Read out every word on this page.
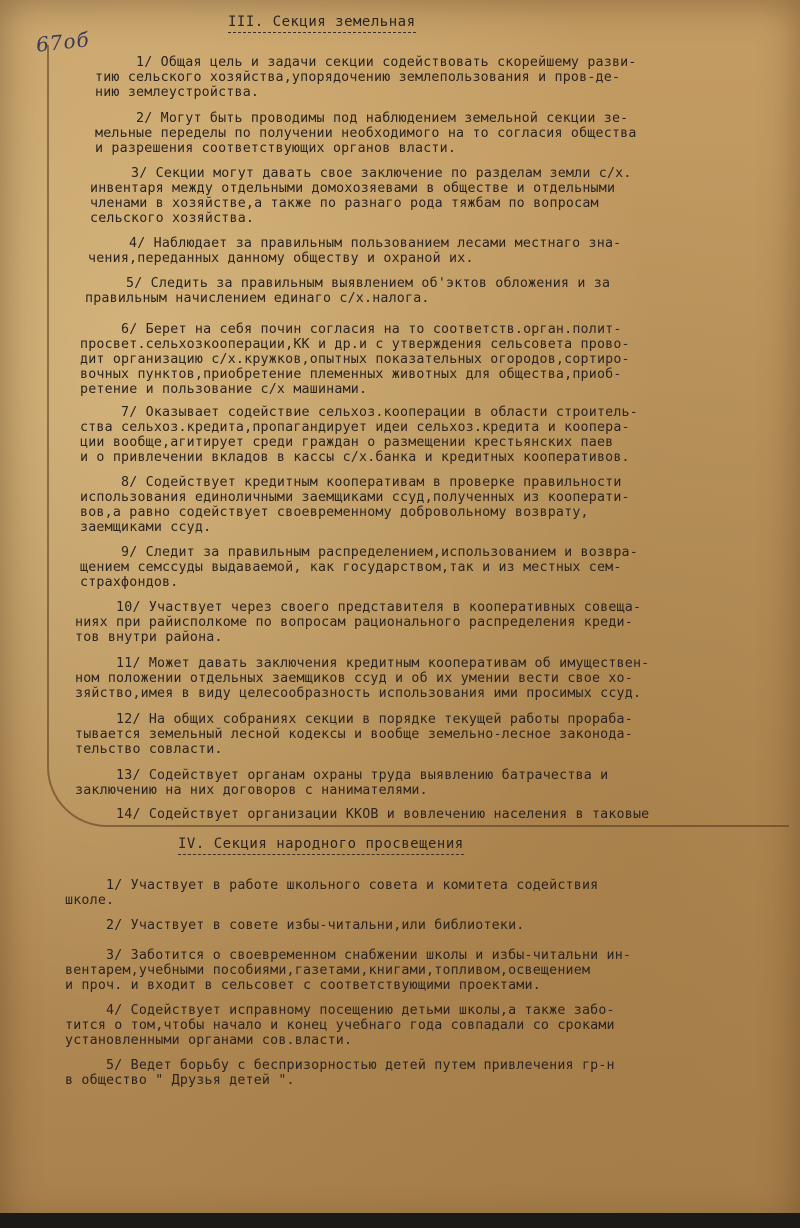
67об
III. Секция земельная
1/ Общая цель и задачи секции содействовать скорейшему разви-
тию сельского хозяйства,упорядочению землепользования и пров-де-
нию землеустройства.
2/ Могут быть проводимы под наблюдением земельной секции зе-
мельные переделы по получении необходимого на то согласия общества
и разрешения соответствующих органов власти.
3/ Секции могут давать свое заключение по разделам земли с/х.
инвентаря между отдельными домохозяевами в обществе и отдельными
членами в хозяйстве,а также по разнаго рода тяжбам по вопросам
сельского хозяйства.
4/ Наблюдает за правильным пользованием лесами местнаго зна-
чения,переданных данному обществу и охраной их.
5/ Следить за правильным выявлением об'эктов обложения и за
правильным начислением единаго с/х.налога.
6/ Берет на себя почин согласия на то соответств.орган.полит-
просвет.сельхозкооперации,КК и др.и с утверждения сельсовета прово-
дит организацию с/х.кружков,опытных показательных огородов,сортиро-
вочных пунктов,приобретение племенных животных для общества,приоб-
ретение и пользование с/х машинами.
7/ Оказывает содействие сельхоз.кооперации в области строитель-
ства сельхоз.кредита,пропагандирует идеи сельхоз.кредита и коопера-
ции вообще,агитирует среди граждан о размещении крестьянских паев
и о привлечении вкладов в кассы с/х.банка и кредитных кооперативов.
8/ Содействует кредитным кооперативам в проверке правильности
использования единоличными заемщиками ссуд,полученных из кооперати-
вов,а равно содействует своевременному добровольному возврату,
заемщиками ссуд.
9/ Следит за правильным распределением,использованием и возвра-
щением семссуды выдаваемой, как государством,так и из местных сем-
страхфондов.
10/ Участвует через своего представителя в кооперативных совеща-
ниях при райисполкоме по вопросам рационального распределения креди-
тов внутри района.
11/ Может давать заключения кредитным кооперативам об имуществен-
ном положении отдельных заемщиков ссуд и об их умении вести свое хо-
зяйство,имея в виду целесообразность использования ими просимых ссуд.
12/ На общих собраниях секции в порядке текущей работы прораба-
тывается земельный лесной кодексы и вообще земельно-лесное законода-
тельство совласти.
13/ Содействует органам охраны труда выявлению батрачества и
заключению на них договоров с нанимателями.
14/ Содействует организации ККОВ и вовлечению населения в таковые
IV. Секция народного просвещения
1/ Участвует в работе школьного совета и комитета содействия
школе.
2/ Участвует в совете избы-читальни,или библиотеки.
3/ Заботится о своевременном снабжении школы и избы-читальни ин-
вентарем,учебными пособиями,газетами,книгами,топливом,освещением
и проч. и входит в сельсовет с соответствующими проектами.
4/ Содействует исправному посещению детьми школы,а также забо-
тится о том,чтобы начало и конец учебнаго года совпадали со сроками
установленными органами сов.власти.
5/ Ведет борьбу с беспризорностью детей путем привлечения гр-н
в общество " Друзья детей ".
